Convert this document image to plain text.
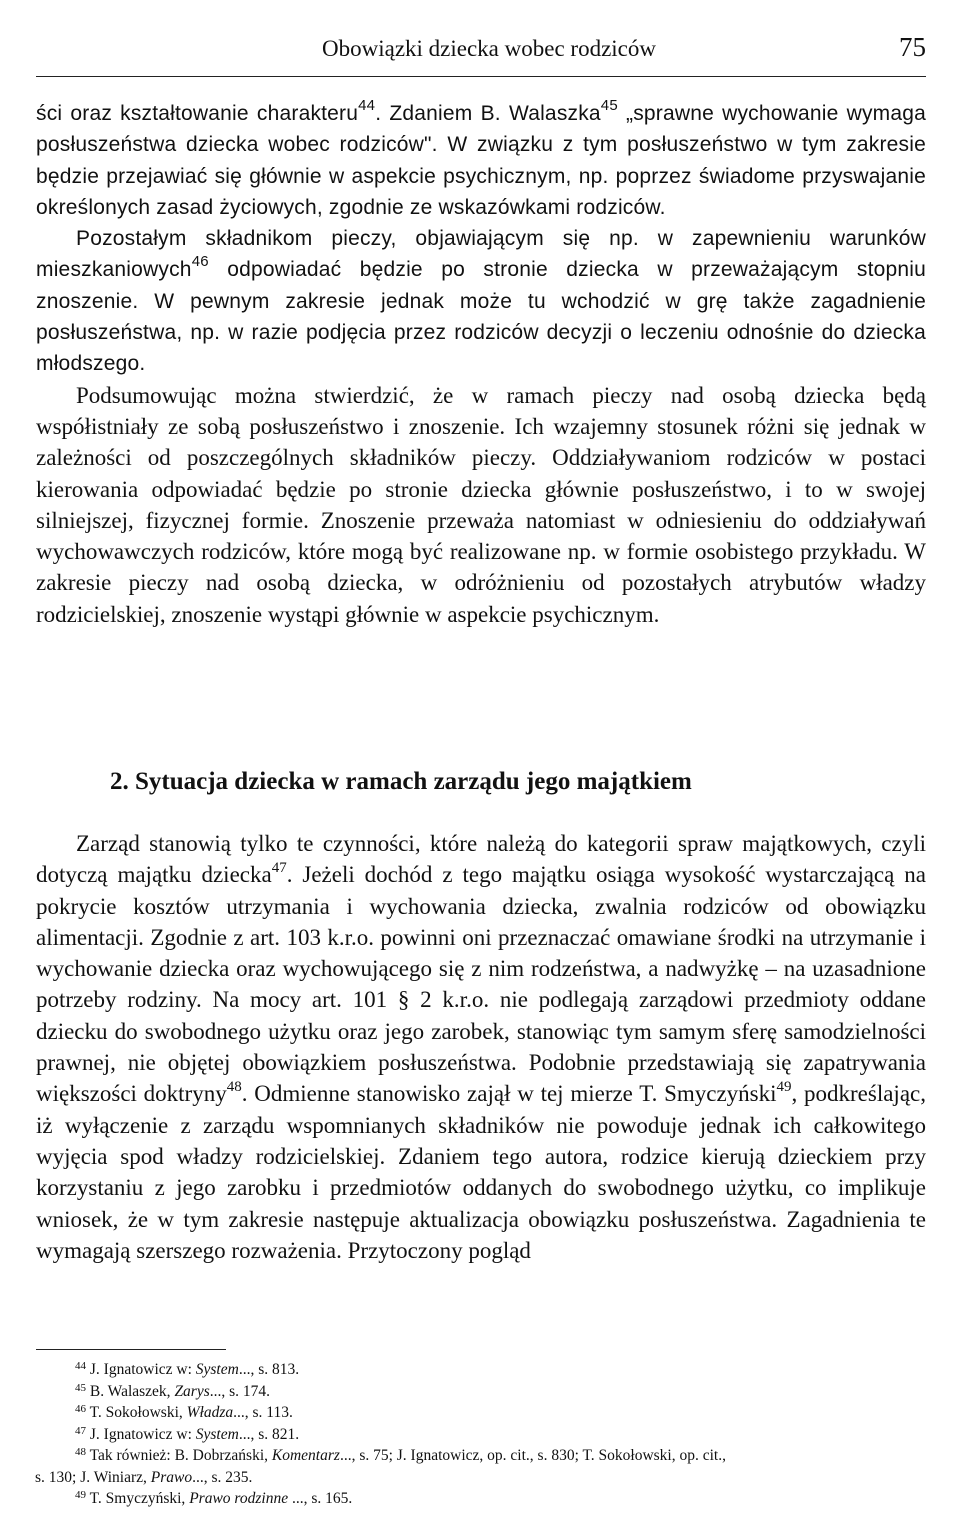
Obowiązki dziecka wobec rodziców	75

ści oraz kształtowanie charakteru$^{44}$. Zdaniem B. Walaszka$^{45}$ „sprawne wychowanie wymaga posłuszeństwa dziecka wobec rodziców". W związku z tym posłuszeństwo w tym zakresie będzie przejawiać się głównie w aspekcie psychicznym, np. poprzez świadome przyswajanie określonych zasad życiowych, zgodnie ze wskazówkami rodziców.

Pozostałym składnikom pieczy, objawiającym się np. w zapewnieniu warunków mieszkaniowych$^{46}$ odpowiadać będzie po stronie dziecka w przeważającym stopniu znoszenie. W pewnym zakresie jednak może tu wchodzić w grę także zagadnienie posłuszeństwa, np. w razie podjęcia przez rodziców decyzji o leczeniu odnośnie do dziecka młodszego.

Podsumowując można stwierdzić, że w ramach pieczy nad osobą dziecka będą współistniały ze sobą posłuszeństwo i znoszenie. Ich wzajemny stosunek różni się jednak w zależności od poszczególnych składników pieczy. Oddziaływaniom rodziców w postaci kierowania odpowiadać będzie po stronie dziecka głównie posłuszeństwo, i to w swojej silniejszej, fizycznej formie. Znoszenie przeważa natomiast w odniesieniu do oddziaływań wychowawczych rodziców, które mogą być realizowane np. w formie osobistego przykładu. W zakresie pieczy nad osobą dziecka, w odróżnieniu od pozostałych atrybutów władzy rodzicielskiej, znoszenie wystąpi głównie w aspekcie psychicznym.

2. Sytuacja dziecka w ramach zarządu jego majątkiem

Zarząd stanowią tylko te czynności, które należą do kategorii spraw majątkowych, czyli dotyczą majątku dziecka$^{47}$. Jeżeli dochód z tego majątku osiąga wysokość wystarczającą na pokrycie kosztów utrzymania i wychowania dziecka, zwalnia rodziców od obowiązku alimentacji. Zgodnie z art. 103 k.r.o. powinni oni przeznaczać omawiane środki na utrzymanie i wychowanie dziecka oraz wychowującego się z nim rodzeństwa, a nadwyżkę – na uzasadnione potrzeby rodziny. Na mocy art. 101 § 2 k.r.o. nie podlegają zarządowi przedmioty oddane dziecku do swobodnego użytku oraz jego zarobek, stanowiąc tym samym sferę samodzielności prawnej, nie objętej obowiązkiem posłuszeństwa. Podobnie przedstawiają się zapatrywania większości doktryny$^{48}$. Odmienne stanowisko zajął w tej mierze T. Smyczyński$^{49}$, podkreślając, iż wyłączenie z zarządu wspomnianych składników nie powoduje jednak ich całkowitego wyjęcia spod władzy rodzicielskiej. Zdaniem tego autora, rodzice kierują dzieckiem przy korzystaniu z jego zarobku i przedmiotów oddanych do swobodnego użytku, co implikuje wniosek, że w tym zakresie następuje aktualizacja obowiązku posłuszeństwa. Zagadnienia te wymagają szerszego rozważenia. Przytoczony pogląd

$^{44}$ J. Ignatowicz w: System..., s. 813.

$^{45}$ B. Walaszek, Zarys..., s. 174.

$^{46}$ T. Sokołowski, Władza..., s. 113.

$^{47}$ J. Ignatowicz w: System..., s. 821.

$^{48}$ Tak również: B. Dobrzański, Komentarz..., s. 75; J. Ignatowicz, op. cit., s. 830; T. Sokołowski, op. cit.,

s. 130; J. Winiarz, Prawo..., s. 235.

$^{49}$ T. Smyczyński, Prawo rodzinne ..., s. 165.
